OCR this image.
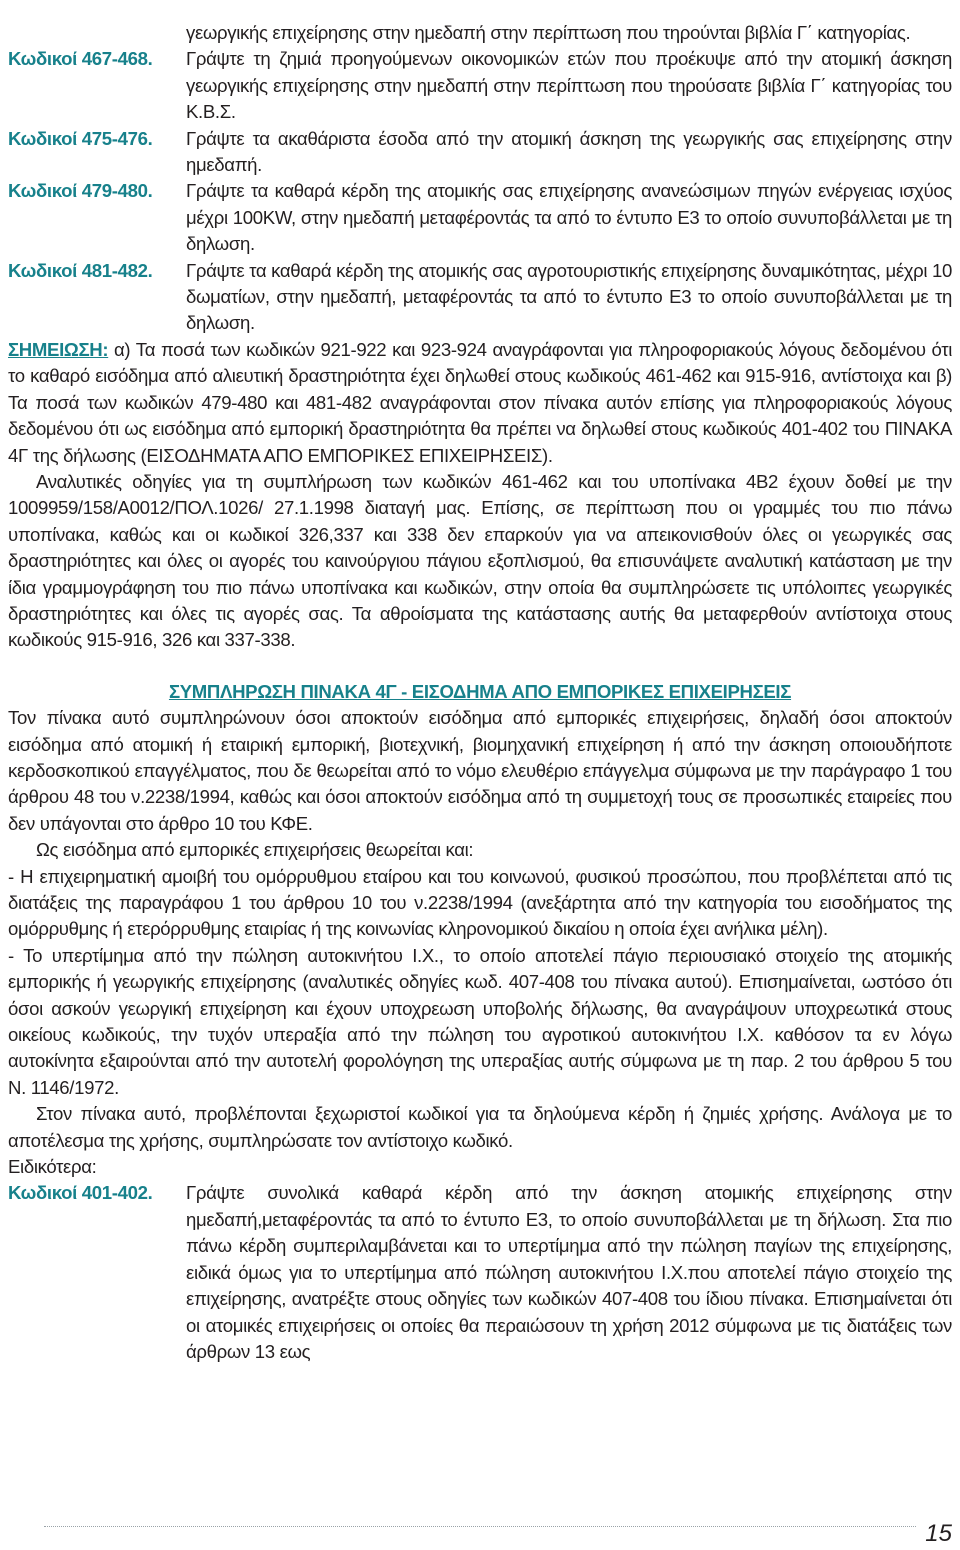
γεωργικής επιχείρησης στην ημεδαπή στην περίπτωση που τηρούνται βιβλία Γ΄ κατηγορίας.
Κωδικοί 467-468.	Γράψτε τη ζημιά προηγούμενων οικονομικών ετών που προέκυψε από την ατομική άσκηση γεωργικής επιχείρησης στην ημεδαπή στην περίπτωση που τηρούσατε βιβλία Γ΄ κατηγορίας του Κ.Β.Σ.
Κωδικοί 475-476.	Γράψτε τα ακαθάριστα έσοδα από την ατομική άσκηση της γεωργικής σας επιχείρησης στην ημεδαπή.
Κωδικοί 479-480.	Γράψτε τα καθαρά κέρδη της ατομικής σας επιχείρησης ανανεώσιμων πηγών ενέργειας ισχύος μέχρι 100KW, στην ημεδαπή μεταφέροντάς τα από το έντυπο Ε3 το οποίο συνυποβάλλεται με τη δηλωση.
Κωδικοί 481-482.	Γράψτε τα καθαρά κέρδη της ατομικής σας αγροτουριστικής επιχείρησης δυναμικότητας, μέχρι 10 δωματίων, στην ημεδαπή, μεταφέροντάς τα από το έντυπο Ε3 το οποίο συνυποβάλλεται με τη δηλωση.

ΣΗΜΕΙΩΣΗ: α) Τα ποσά των κωδικών 921-922 και 923-924 αναγράφονται για πληροφοριακούς λόγους δεδομένου ότι το καθαρό εισόδημα από αλιευτική δραστηριότητα έχει δηλωθεί στους κωδικούς 461-462 και 915-916, αντίστοιχα και β) Τα ποσά των κωδικών 479-480 και 481-482 αναγράφονται στον πίνακα αυτόν επίσης για πληροφοριακούς λόγους δεδομένου ότι ως εισόδημα από εμπορική δραστηριότητα θα πρέπει να δηλωθεί στους κωδικούς 401-402 του ΠΙΝΑΚΑ 4Γ της δήλωσης (ΕΙΣΟΔΗΜΑΤΑ ΑΠΟ ΕΜΠΟΡΙΚΕΣ ΕΠΙΧΕΙΡΗΣΕΙΣ).

Αναλυτικές οδηγίες για τη συμπλήρωση των κωδικών 461-462 και του υποπίνακα 4Β2 έχουν δοθεί με την 1009959/158/Α0012/ΠΟΛ.1026/ 27.1.1998 διαταγή μας. Επίσης, σε περίπτωση που οι γραμμές του πιο πάνω υποπίνακα, καθώς και οι κωδικοί 326,337 και 338 δεν επαρκούν για να απεικονισθούν όλες οι γεωργικές σας δραστηριότητες και όλες οι αγορές του καινούργιου πάγιου εξοπλισμού, θα επισυνάψετε αναλυτική κατάσταση με την ίδια γραμμογράφηση του πιο πάνω υποπίνακα και κωδικών, στην οποία θα συμπληρώσετε τις υπόλοιπες γεωργικές δραστηριότητες και όλες τις αγορές σας. Τα αθροίσματα της κατάστασης αυτής θα μεταφερθούν αντίστοιχα στους κωδικούς 915-916, 326 και 337-338.

ΣΥΜΠΛΗΡΩΣΗ ΠΙΝΑΚΑ 4Γ - ΕΙΣΟΔΗΜΑ ΑΠΟ ΕΜΠΟΡΙΚΕΣ ΕΠΙΧΕΙΡΗΣΕΙΣ

Τον πίνακα αυτό συμπληρώνουν όσοι αποκτούν εισόδημα από εμπορικές επιχειρήσεις, δηλαδή όσοι αποκτούν εισόδημα από ατομική ή εταιρική εμπορική, βιοτεχνική, βιομηχανική επιχείρηση ή από την άσκηση οποιουδήποτε κερδοσκοπικού επαγγέλματος, που δε θεωρείται από το νόμο ελευθέριο επάγγελμα σύμφωνα με την παράγραφο 1 του άρθρου 48 του ν.2238/1994, καθώς και όσοι αποκτούν εισόδημα από τη συμμετοχή τους σε προσωπικές εταιρείες που δεν υπάγονται στο άρθρο 10 του ΚΦΕ.

Ως εισόδημα από εμπορικές επιχειρήσεις θεωρείται και:

- Η επιχειρηματική αμοιβή του ομόρρυθμου εταίρου και του κοινωνού, φυσικού προσώπου, που προβλέπεται από τις διατάξεις της παραγράφου 1 του άρθρου 10 του ν.2238/1994 (ανεξάρτητα από την κατηγορία του εισοδήματος της ομόρρυθμης ή ετερόρρυθμης εταιρίας ή της κοινωνίας κληρονομικού δικαίου η οποία έχει ανήλικα μέλη).

- Το υπερτίμημα από την πώληση αυτοκινήτου Ι.Χ., το οποίο αποτελεί πάγιο περιουσιακό στοιχείο της ατομικής εμπορικής ή γεωργικής επιχείρησης (αναλυτικές οδηγίες κωδ. 407-408 του πίνακα αυτού). Επισημαίνεται, ωστόσο ότι όσοι ασκούν γεωργική επιχείρηση και έχουν υποχρεωση υποβολής δήλωσης, θα αναγράψουν υποχρεωτικά στους οικείους κωδικούς, την τυχόν υπεραξία από την πώληση του αγροτικού αυτοκινήτου Ι.Χ. καθόσον τα εν λόγω αυτοκίνητα εξαιρούνται από την αυτοτελή φορολόγηση της υπεραξίας αυτής σύμφωνα με τη παρ. 2 του άρθρου 5 του Ν. 1146/1972.

Στον πίνακα αυτό, προβλέπονται ξεχωριστοί κωδικοί για τα δηλούμενα κέρδη ή ζημιές χρήσης. Ανάλογα με το αποτέλεσμα της χρήσης, συμπληρώσατε τον αντίστοιχο κωδικό.

Ειδικότερα:

Κωδικοί 401-402.	Γράψτε συνολικά καθαρά κέρδη από την άσκηση ατομικής επιχείρησης στην ημεδαπή,μεταφέροντάς τα από το έντυπο Ε3, το οποίο συνυποβάλλεται με τη δήλωση. Στα πιο πάνω κέρδη συμπεριλαμβάνεται και το υπερτίμημα από την πώληση παγίων της επιχείρησης, ειδικά όμως για το υπερτίμημα από πώληση αυτοκινήτου Ι.Χ.που αποτελεί πάγιο στοιχείο της επιχείρησης, ανατρέξτε στους οδηγίες των κωδικών 407-408 του ίδιου πίνακα. Επισημαίνεται ότι οι ατομικές επιχειρήσεις οι οποίες θα περαιώσουν τη χρήση 2012 σύμφωνα με τις διατάξεις των άρθρων 13 εως
15
